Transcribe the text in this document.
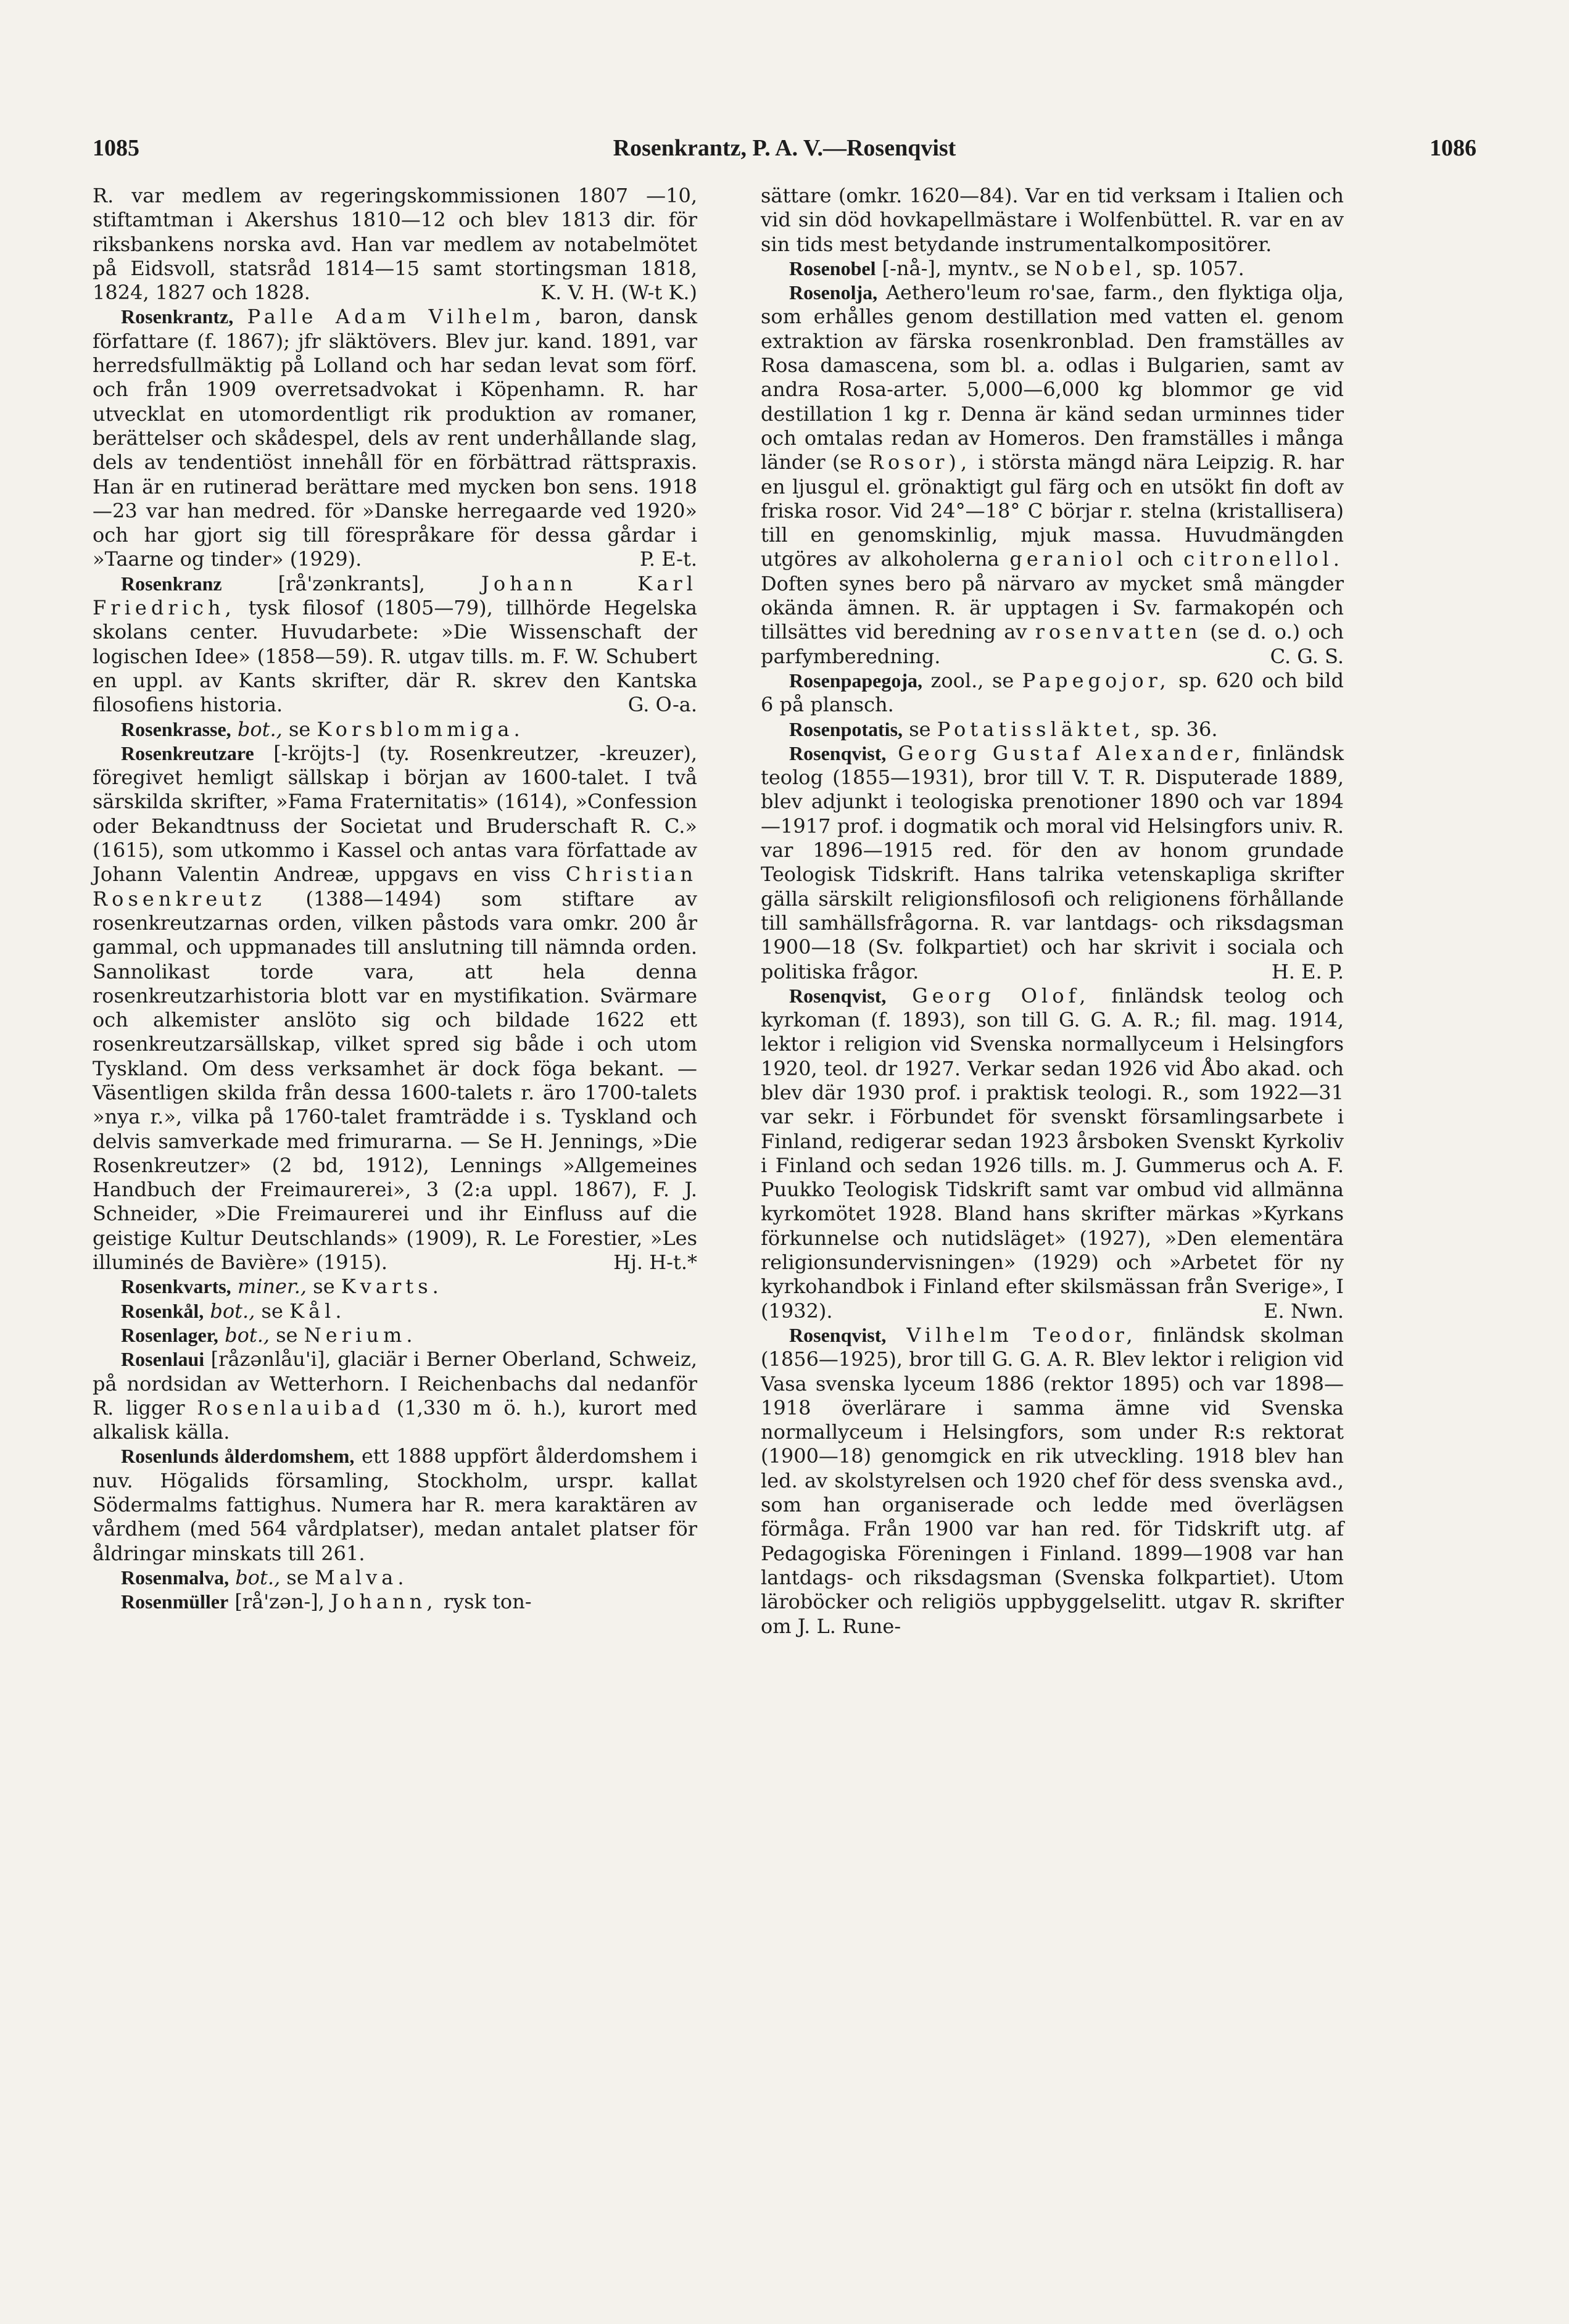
1085	Rosenkrantz, P. A. V.—Rosenqvist	1086

R. var medlem av regeringskommissionen 1807 —10, stiftamtman i Akershus 1810—12 och blev 1813 dir. för riksbankens norska avd. Han var medlem av notabelmötet på Eidsvoll, statsråd 1814—15 samt stortingsman 1818, 1824, 1827 och 1828.	K. V. H. (W-t K.)

Rosenkrantz, Palle Adam Vilhelm, baron, dansk författare (f. 1867); jfr släktövers. Blev jur. kand. 1891, var herredsfullmäktig på Lolland och har sedan levat som förf. och från 1909 overretsadvokat i Köpenhamn. R. har utvecklat en utomordentligt rik produktion av romaner, berättelser och skådespel, dels av rent underhållande slag, dels av tendentiöst innehåll för en förbättrad rättspraxis. Han är en rutinerad berättare med mycken bon sens. 1918—23 var han medred. för »Danske herregaarde ved 1920» och har gjort sig till förespråkare för dessa gårdar i »Taarne og tinder» (1929).	P. E-t.

Rosenkranz [rå'zənkrants], Johann Karl Friedrich, tysk filosof (1805—79), tillhörde Hegelska skolans center. Huvudarbete: »Die Wissenschaft der logischen Idee» (1858—59). R. utgav tills. m. F. W. Schubert en uppl. av Kants skrifter, där R. skrev den Kantska filosofiens historia.	G. O-a.

Rosenkrasse, bot., se Korsblommiga.

Rosenkreutzare [-kröjts-] (ty. Rosenkreutzer, -kreuzer), föregivet hemligt sällskap i början av 1600-talet. I två särskilda skrifter, »Fama Fraternitatis» (1614), »Confession oder Bekandtnuss der Societat und Bruderschaft R. C.» (1615), som utkommo i Kassel och antas vara författade av Johann Valentin Andreæ, uppgavs en viss Christian Rosenkreutz (1388—1494) som stiftare av rosenkreutzarnas orden, vilken påstods vara omkr. 200 år gammal, och uppmanades till anslutning till nämnda orden. Sannolikast torde vara, att hela denna rosenkreutzarhistoria blott var en mystifikation. Svärmare och alkemister anslöto sig och bildade 1622 ett rosenkreutzarsällskap, vilket spred sig både i och utom Tyskland. Om dess verksamhet är dock föga bekant. — Väsentligen skilda från dessa 1600-talets r. äro 1700-talets »nya r.», vilka på 1760-talet framträdde i s. Tyskland och delvis samverkade med frimurarna. — Se H. Jennings, »Die Rosenkreutzer» (2 bd, 1912), Lennings »Allgemeines Handbuch der Freimaurerei», 3 (2:a uppl. 1867), F. J. Schneider, »Die Freimaurerei und ihr Einfluss auf die geistige Kultur Deutschlands» (1909), R. Le Forestier, »Les illuminés de Bavière» (1915).	Hj. H-t.*

Rosenkvarts, miner., se Kvarts.

Rosenkål, bot., se Kål.

Rosenlager, bot., se Nerium.

Rosenlaui [råzənlåu'i], glaciär i Berner Oberland, Schweiz, på nordsidan av Wetterhorn. I Reichenbachs dal nedanför R. ligger Rosenlauibad (1,330 m ö. h.), kurort med alkalisk källa.

Rosenlunds ålderdomshem, ett 1888 uppfört ålderdomshem i nuv. Högalids församling, Stockholm, urspr. kallat Södermalms fattighus. Numera har R. mera karaktären av vårdhem (med 564 vårdplatser), medan antalet platser för åldringar minskats till 261.

Rosenmalva, bot., se Malva.

Rosenmüller [rå'zən-], Johann, rysk ton-

sättare (omkr. 1620—84). Var en tid verksam i Italien och vid sin död hovkapellmästare i Wolfenbüttel. R. var en av sin tids mest betydande instrumentalkompositörer.

Rosenobel [-nå-], myntv., se Nobel, sp. 1057.

Rosenolja, Aethero'leum ro'sae, farm., den flyktiga olja, som erhålles genom destillation med vatten el. genom extraktion av färska rosenkronblad. Den framställes av Rosa damascena, som bl. a. odlas i Bulgarien, samt av andra Rosa-arter. 5,000—6,000 kg blommor ge vid destillation 1 kg r. Denna är känd sedan urminnes tider och omtalas redan av Homeros. Den framställes i många länder (se Rosor), i största mängd nära Leipzig. R. har en ljusgul el. grönaktigt gul färg och en utsökt fin doft av friska rosor. Vid 24°—18° C börjar r. stelna (kristallisera) till en genomskinlig, mjuk massa. Huvudmängden utgöres av alkoholerna geraniol och citronellol. Doften synes bero på närvaro av mycket små mängder okända ämnen. R. är upptagen i Sv. farmakopén och tillsättes vid beredning av rosenvatten (se d. o.) och parfymberedning.	C. G. S.

Rosenpapegoja, zool., se Papegojor, sp. 620 och bild 6 på plansch.

Rosenpotatis, se Potatissläktet, sp. 36.

Rosenqvist, Georg Gustaf Alexander, finländsk teolog (1855—1931), bror till V. T. R. Disputerade 1889, blev adjunkt i teologiska prenotioner 1890 och var 1894—1917 prof. i dogmatik och moral vid Helsingfors univ. R. var 1896—1915 red. för den av honom grundade Teologisk Tidskrift. Hans talrika vetenskapliga skrifter gälla särskilt religionsfilosofi och religionens förhållande till samhällsfrågorna. R. var lantdags- och riksdagsman 1900—18 (Sv. folkpartiet) och har skrivit i sociala och politiska frågor.	H. E. P.

Rosenqvist, Georg Olof, finländsk teolog och kyrkoman (f. 1893), son till G. G. A. R.; fil. mag. 1914, lektor i religion vid Svenska normallyceum i Helsingfors 1920, teol. dr 1927. Verkar sedan 1926 vid Åbo akad. och blev där 1930 prof. i praktisk teologi. R., som 1922—31 var sekr. i Förbundet för svenskt församlingsarbete i Finland, redigerar sedan 1923 årsboken Svenskt Kyrkoliv i Finland och sedan 1926 tills. m. J. Gummerus och A. F. Puukko Teologisk Tidskrift samt var ombud vid allmänna kyrkomötet 1928. Bland hans skrifter märkas »Kyrkans förkunnelse och nutidsläget» (1927), »Den elementära religionsundervisningen» (1929) och »Arbetet för ny kyrkohandbok i Finland efter skilsmässan från Sverige», I (1932).	E. Nwn.

Rosenqvist, Vilhelm Teodor, finländsk skolman (1856—1925), bror till G. G. A. R. Blev lektor i religion vid Vasa svenska lyceum 1886 (rektor 1895) och var 1898—1918 överlärare i samma ämne vid Svenska normallyceum i Helsingfors, som under R:s rektorat (1900—18) genomgick en rik utveckling. 1918 blev han led. av skolstyrelsen och 1920 chef för dess svenska avd., som han organiserade och ledde med överlägsen förmåga. Från 1900 var han red. för Tidskrift utg. af Pedagogiska Föreningen i Finland. 1899—1908 var han lantdags- och riksdagsman (Svenska folkpartiet). Utom läroböcker och religiös uppbyggelselitt. utgav R. skrifter om J. L. Rune-
